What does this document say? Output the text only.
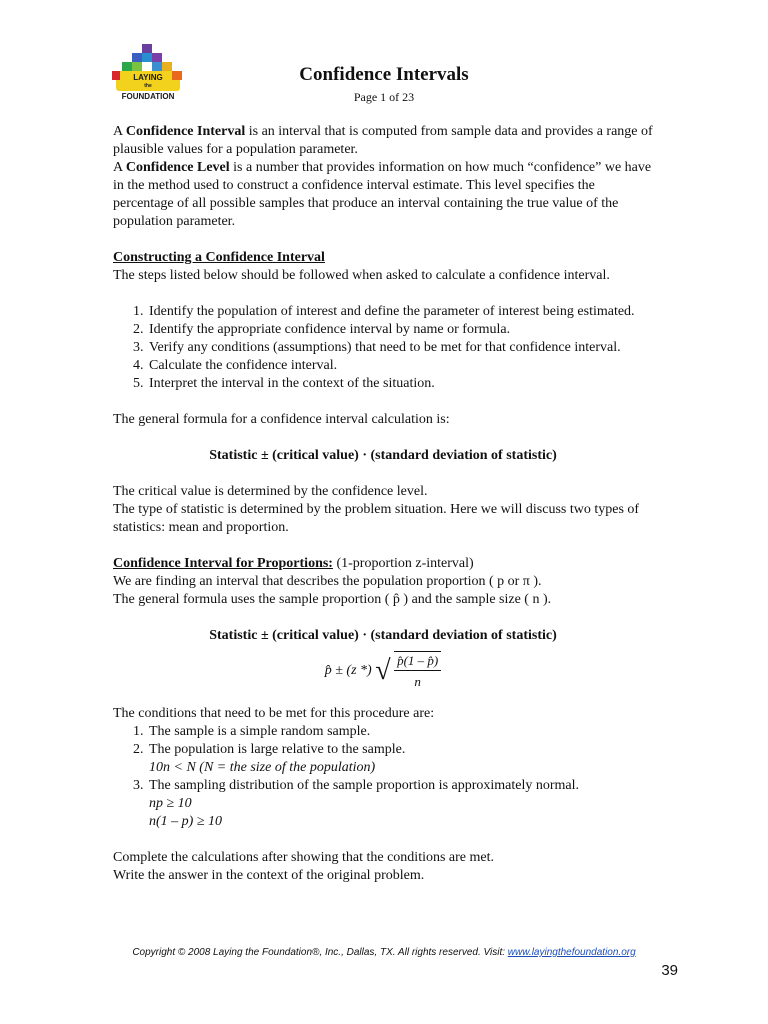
LAYING
the
FOUNDATION
Confidence Intervals
Page 1 of 23

A Confidence Interval is an interval that is computed from sample data and provides a range of plausible values for a population parameter.

A Confidence Level is a number that provides information on how much “confidence” we have in the method used to construct a confidence interval estimate. This level specifies the percentage of all possible samples that produce an interval containing the true value of the population parameter.

Constructing a Confidence Interval

The steps listed below should be followed when asked to calculate a confidence interval.

1. Identify the population of interest and define the parameter of interest being estimated.
2. Identify the appropriate confidence interval by name or formula.
3. Verify any conditions (assumptions) that need to be met for that confidence interval.
4. Calculate the confidence interval.
5. Interpret the interval in the context of the situation.

The general formula for a confidence interval calculation is:

Statistic ± (critical value) · (standard deviation of statistic)

The critical value is determined by the confidence level.

The type of statistic is determined by the problem situation. Here we will discuss two types of statistics: mean and proportion.

Confidence Interval for Proportions: (1-proportion z-interval)

We are finding an interval that describes the population proportion ( p or π ).

The general formula uses the sample proportion ( p̂ ) and the sample size ( n ).

Statistic ± (critical value) · (standard deviation of statistic)

p̂ ± (z *) √ $\frac{p̂(1 - p̂)}{n}$

The conditions that need to be met for this procedure are:

1. The sample is a simple random sample.
2. The population is large relative to the sample.
10n < N (N = the size of the population)
3. The sampling distribution of the sample proportion is approximately normal.
np ≥ 10
n(1 – p) ≥ 10

Complete the calculations after showing that the conditions are met.

Write the answer in the context of the original problem.

Copyright © 2008 Laying the Foundation®, Inc., Dallas, TX. All rights reserved. Visit: www.layingthefoundation.org
39
